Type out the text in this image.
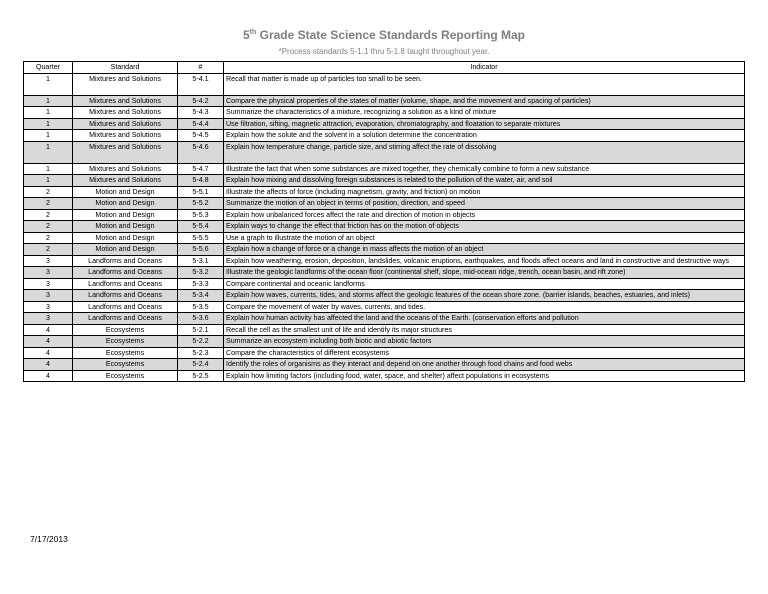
5th Grade State Science Standards Reporting Map
*Process standards 5-1.1 thru 5-1.8 taught throughout year.
Quarter	Standard	#	Indicator
1	Mixtures and Solutions	5-4.1	Recall that matter is made up of particles too small to be seen.
1	Mixtures and Solutions	5-4.2	Compare the physical properties of the states of matter (volume, shape, and the movement and spacing of particles)
1	Mixtures and Solutions	5-4.3	Summarize the characteristics of a mixture, recognizing a solution as a kind of mixture
1	Mixtures and Solutions	5-4.4	Use filtration, sifting, magnetic attraction, evaporation, chromatography, and floatation to separate mixtures
1	Mixtures and Solutions	5-4.5	Explain how the solute and the solvent in a solution determine the concentration
1	Mixtures and Solutions	5-4.6	Explain how temperature change, particle size, and stirring affect the rate of dissolving
1	Mixtures and Solutions	5-4.7	Illustrate the fact that when some substances are mixed together, they chemically combine to form a new substance
1	Mixtures and Solutions	5-4.8	Explain how mixing and dissolving foreign substances is related to the pollution of the water, air, and soil
2	Motion and Design	5-5.1	Illustrate the affects of force (including magnetism, gravity, and friction) on motion
2	Motion and Design	5-5.2	Summarize the motion of an object in terms of position, direction, and speed
2	Motion and Design	5-5.3	Explain how unbalanced forces affect the rate and direction of motion in objects
2	Motion and Design	5-5.4	Explain ways to change the effect that friction has on the motion of objects
2	Motion and Design	5-5.5	Use a graph to illustrate the motion of an object
2	Motion and Design	5-5.6	Explain how a change of force or a change in mass affects the motion of an object
3	Landforms and Oceans	5-3.1	Explain how weathering, erosion, deposition, landslides, volcanic eruptions, earthquakes, and floods affect oceans and land in constructive and destructive ways
3	Landforms and Oceans	5-3.2	Illustrate the geologic landforms of the ocean floor (continental shelf, slope, mid-ocean ridge, trench, ocean basin, and rift zone)
3	Landforms and Oceans	5-3.3	Compare continental and oceanic landforms
3	Landforms and Oceans	5-3.4	Explain how waves, currents, tides, and storms affect the geologic features of the ocean shore zone. (barrier islands, beaches, estuaries, and inlets)
3	Landforms and Oceans	5-3.5	Compare the movement of water by waves, currents, and tides.
3	Landforms and Oceans	5-3.6	Explain how human activity has affected the land and the oceans of the Earth. (conservation efforts and pollution
4	Ecosystems	5-2.1	Recall the cell as the smallest unit of life and identify its major structures
4	Ecosystems	5-2.2	Summarize an ecosystem including both biotic and abiotic factors
4	Ecosystems	5-2.3	Compare the characteristics of different ecosystems
4	Ecosystems	5-2.4	Identify the roles of organisms as they interact and depend on one another through food chains and food webs
4	Ecosystems	5-2.5	Explain how limiting factors (including food, water, space, and shelter) affect populations in ecosystems
7/17/2013
